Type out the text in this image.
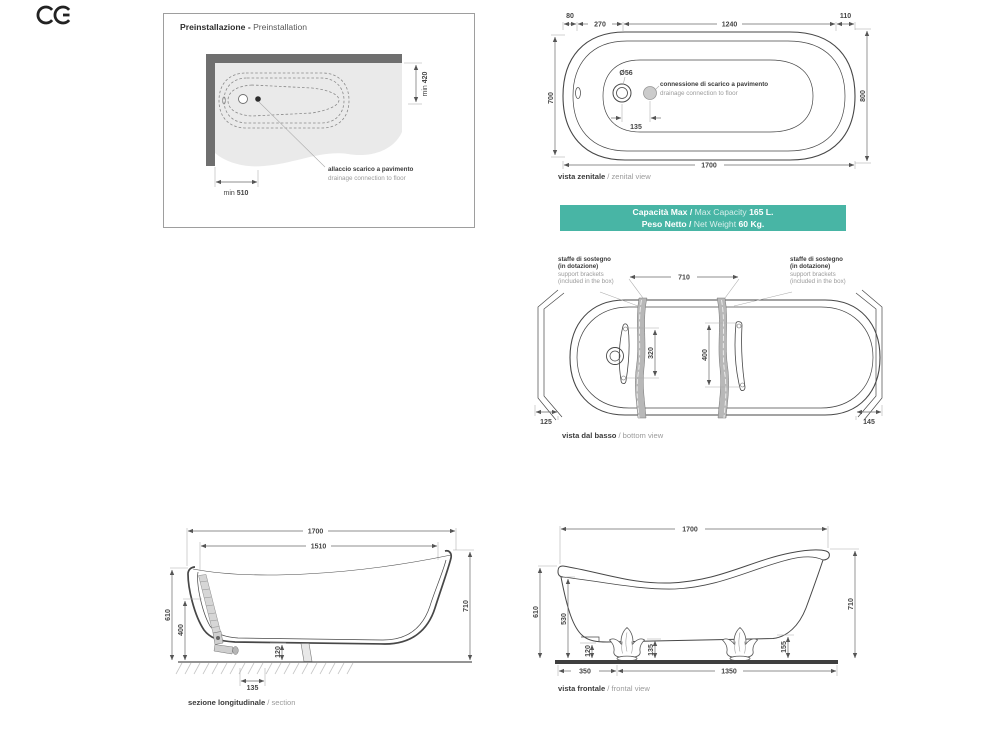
Preinstallazione - Preinstallation
min 420
min 510
allaccio scarico a pavimento
drainage connection to floor
80
270	1240
110
700	800
135
Ø56
connessione di scarico a pavimento
drainage connection to floor
1700
vista zenitale / zenital view
Capacità Max / Max Capacity 165 L.
Peso Netto / Net Weight 60 Kg.
710
320	400
125	145
staffe di sostegno
(in dotazione)
support brackets
(included in the box)
staffe di sostegno
(in dotazione)
support brackets
(included in the box)
vista dal basso / bottom view
1700
1510
610
400
710
120
135
sezione longitudinale / section
1700
610
530
710
120	135	155
350	1350
vista frontale / frontal view
